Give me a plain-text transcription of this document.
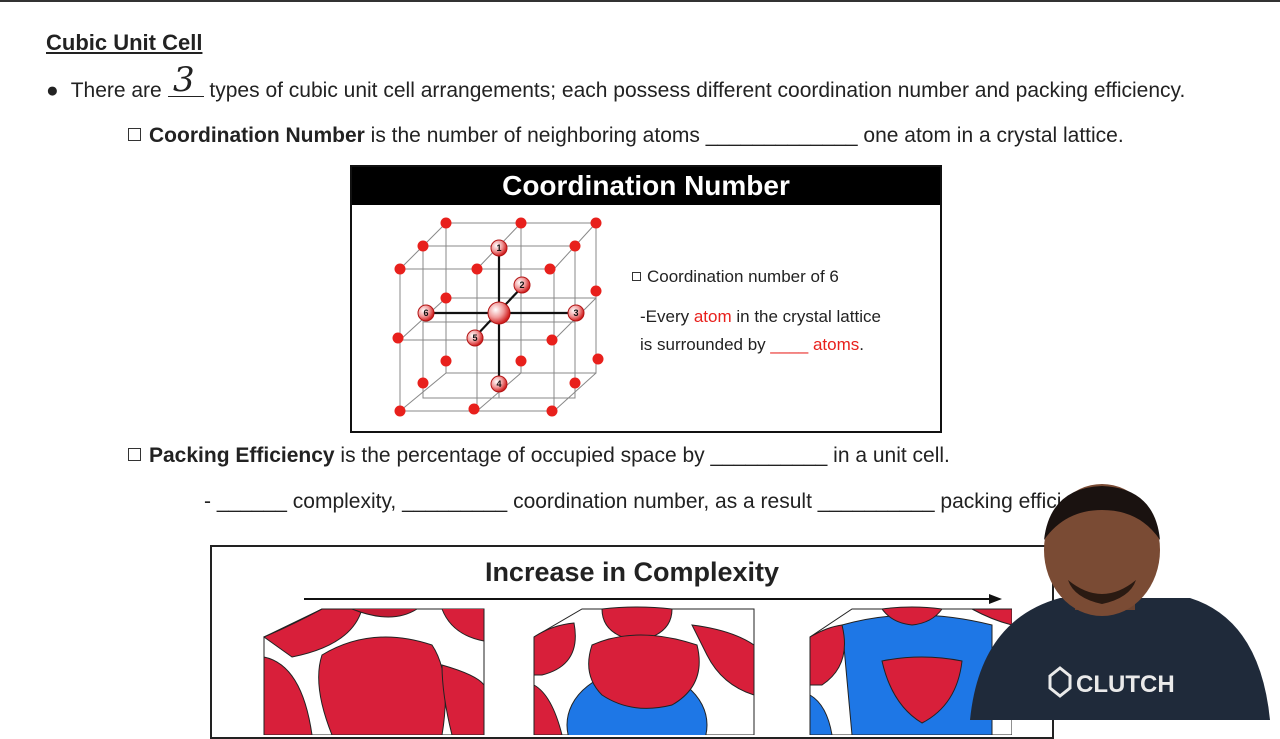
Cubic Unit Cell
● There are types of cubic unit cell arrangements; each possess different coordination number and packing efficiency.
3
Coordination Number is the number of neighboring atoms _____________ one atom in a crystal lattice.
Coordination Number
1
2
3
4
5
6
Coordination number of 6
-Every atom in the crystal lattice
is surrounded by ____ atoms.
Packing Efficiency is the percentage of occupied space by __________ in a unit cell.
- ______ complexity, _________ coordination number, as a result __________ packing effici
Increase in Complexity
CLUTCH
